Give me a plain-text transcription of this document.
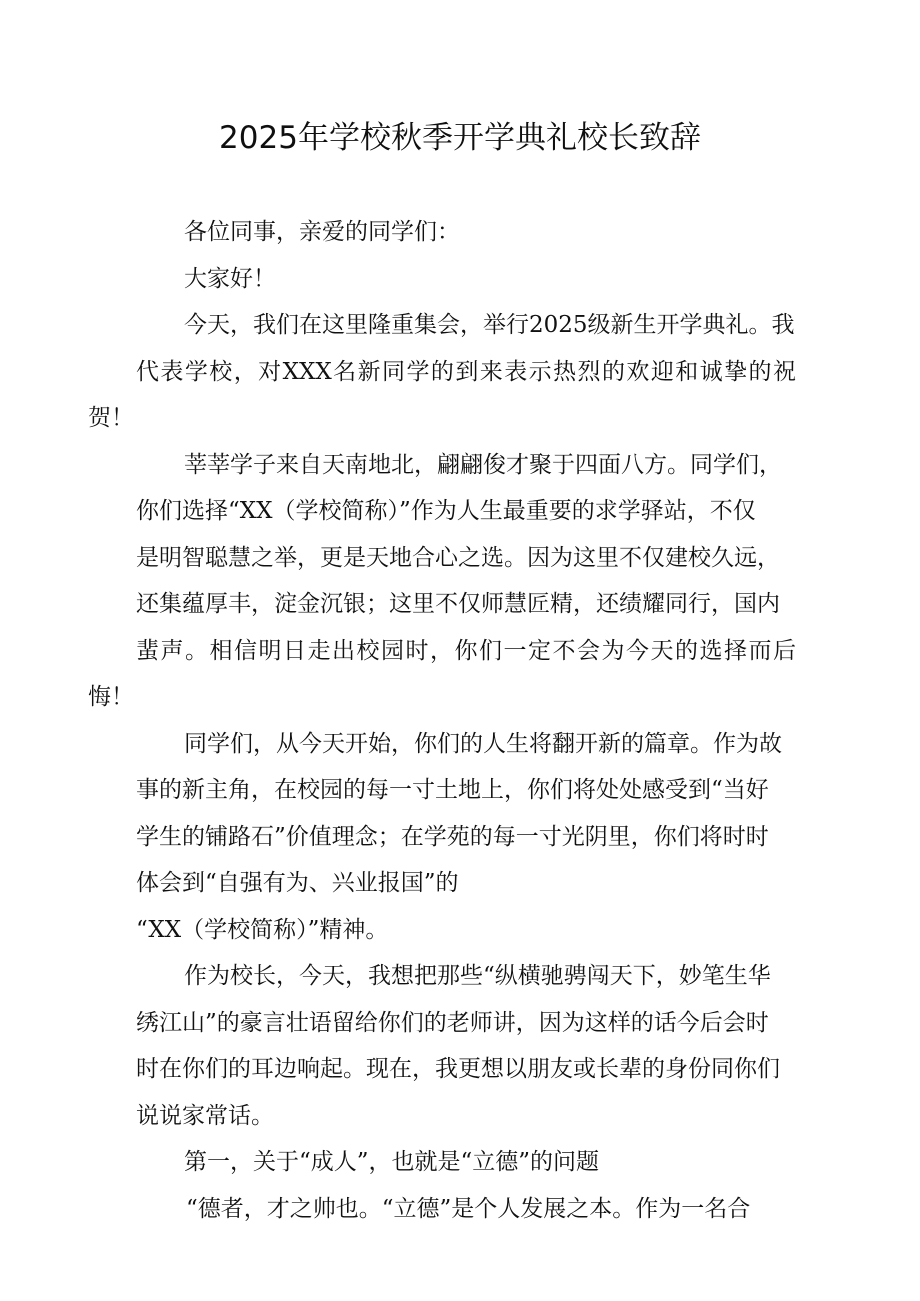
2025年学校秋季开学典礼校长致辞

各位同事，亲爱的同学们：

大家好！

今天，我们在这里隆重集会，举行2025级新生开学典礼。我
代表学校，对XXX名新同学的到来表示热烈的欢迎和诚挚的祝贺！

莘莘学子来自天南地北，翩翩俊才聚于四面八方。同学们，
你们选择“XX（学校简称）”作为人生最重要的求学驿站，不仅
是明智聪慧之举，更是天地合心之选。因为这里不仅建校久远，
还集蕴厚丰，淀金沉银；这里不仅师慧匠精，还绩耀同行，国内
蜚声。相信明日走出校园时，你们一定不会为今天的选择而后悔！

同学们，从今天开始，你们的人生将翻开新的篇章。作为故
事的新主角，在校园的每一寸土地上，你们将处处感受到“当好
学生的铺路石”价值理念；在学苑的每一寸光阴里，你们将时时
体会到“自强有为、兴业报国”的
“XX（学校简称）”精神。

作为校长，今天，我想把那些“纵横驰骋闯天下，妙笔生华
绣江山”的豪言壮语留给你们的老师讲，因为这样的话今后会时
时在你们的耳边响起。现在，我更想以朋友或长辈的身份同你们
说说家常话。

第一，关于“成人”，也就是“立德”的问题

“德者，才之帅也。“立德”是个人发展之本。作为一名合
